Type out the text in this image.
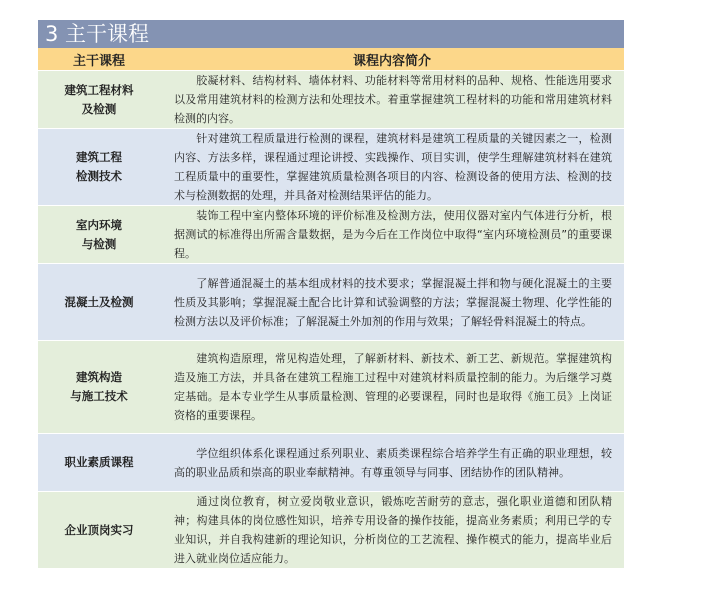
3 主干课程
主干课程	课程内容简介
建筑工程材料
及检测	胶凝材料、结构材料、墙体材料、功能材料等常用材料的品种、规格、性能选用要求以及常用建筑材料的检测方法和处理技术。着重掌握建筑工程材料的功能和常用建筑材料检测的内容。
建筑工程
检测技术	针对建筑工程质量进行检测的课程，建筑材料是建筑工程质量的关键因素之一，检测内容、方法多样，课程通过理论讲授、实践操作、项目实训，使学生理解建筑材料在建筑工程质量中的重要性，掌握建筑质量检测各项目的内容、检测设备的使用方法、检测的技术与检测数据的处理，并具备对检测结果评估的能力。
室内环境
与检测	装饰工程中室内整体环境的评价标准及检测方法，使用仪器对室内气体进行分析，根据测试的标准得出所需含量数据，是为今后在工作岗位中取得“室内环境检测员”的重要课程。
混凝土及检测	了解普通混凝土的基本组成材料的技术要求；掌握混凝土拌和物与硬化混凝土的主要性质及其影响；掌握混凝土配合比计算和试验调整的方法；掌握混凝土物理、化学性能的检测方法以及评价标准；了解混凝土外加剂的作用与效果；了解轻骨料混凝土的特点。
建筑构造
与施工技术	建筑构造原理，常见构造处理，了解新材料、新技术、新工艺、新规范。掌握建筑构造及施工方法，并具备在建筑工程施工过程中对建筑材料质量控制的能力。为后继学习奠定基础。是本专业学生从事质量检测、管理的必要课程，同时也是取得《施工员》上岗证资格的重要课程。
职业素质课程	学位组织体系化课程通过系列职业、素质类课程综合培养学生有正确的职业理想，较高的职业品质和崇高的职业奉献精神。有尊重领导与同事、团结协作的团队精神。
企业顶岗实习	通过岗位教育，树立爱岗敬业意识，锻炼吃苦耐劳的意志，强化职业道德和团队精神；构建具体的岗位感性知识，培养专用设备的操作技能，提高业务素质；利用已学的专业知识，并自我构建新的理论知识，分析岗位的工艺流程、操作模式的能力，提高毕业后进入就业岗位适应能力。
